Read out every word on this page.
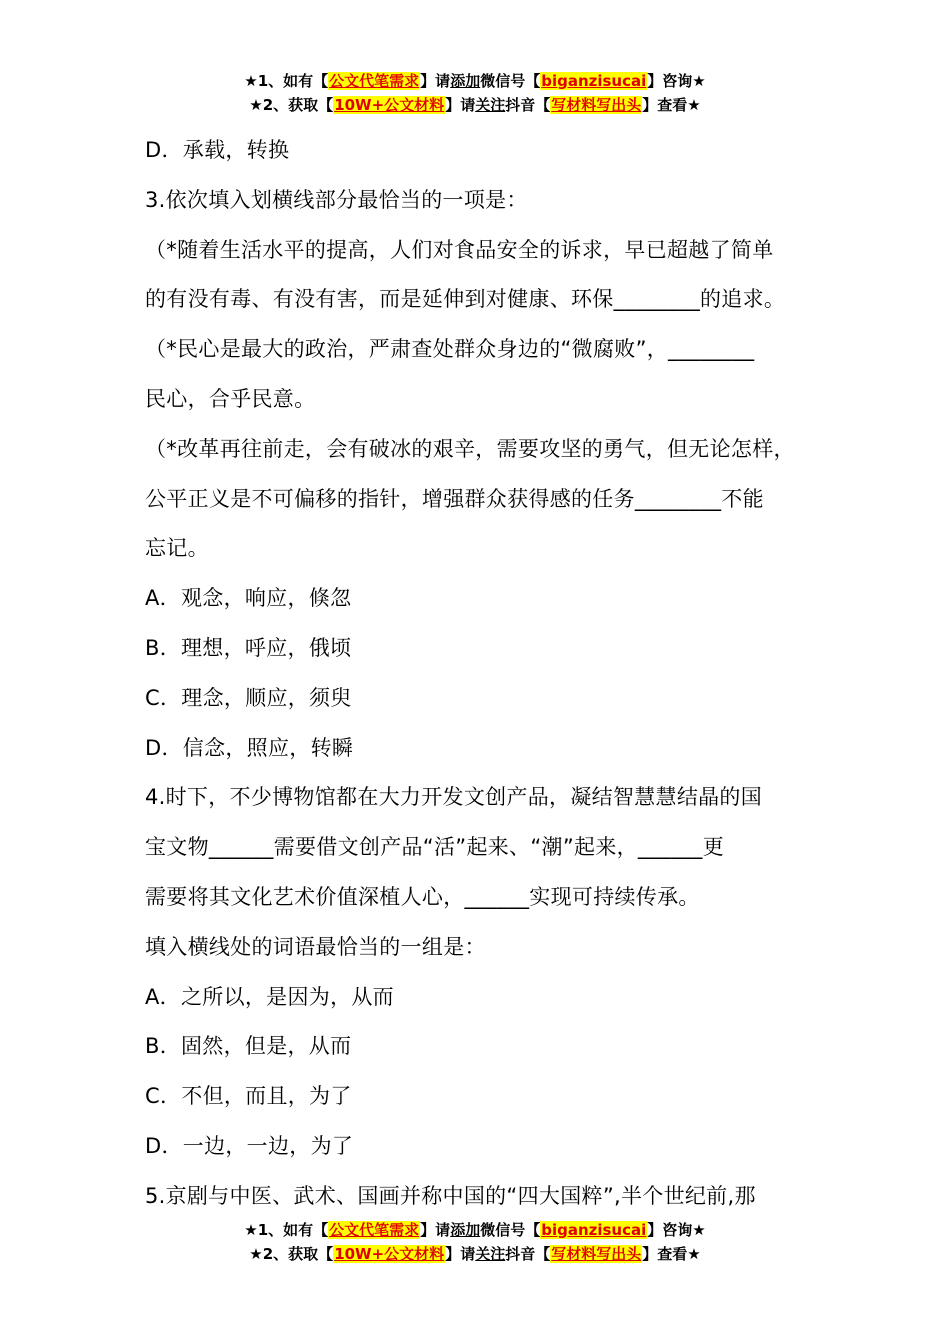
★1、如有【公文代笔需求】请添加微信号【biganzisucai】咨询★
★2、获取【10W+公文材料】请关注抖音【写材料写出头】查看★

D．承载，转换

3.依次填入划横线部分最恰当的一项是：

（*随着生活水平的提高，人们对食品安全的诉求，早已超越了简单

的有没有毒、有没有害，而是延伸到对健康、环保________的追求。

（*民心是最大的政治，严肃查处群众身边的“微腐败”，________

民心，合乎民意。

（*改革再往前走，会有破冰的艰辛，需要攻坚的勇气，但无论怎样，

公平正义是不可偏移的指针，增强群众获得感的任务________不能

忘记。

A．观念，响应，倏忽

B．理想，呼应，俄顷

C．理念，顺应，须臾

D．信念，照应，转瞬

4.时下，不少博物馆都在大力开发文创产品，凝结智慧慧结晶的国

宝文物______需要借文创产品“活”起来、“潮”起来，______更

需要将其文化艺术价值深植人心，______实现可持续传承。

填入横线处的词语最恰当的一组是：

A．之所以，是因为，从而

B．固然，但是，从而

C．不但，而且，为了

D．一边，一边，为了

5.京剧与中医、武术、国画并称中国的“四大国粹”,半个世纪前,那

★1、如有【公文代笔需求】请添加微信号【biganzisucai】咨询★
★2、获取【10W+公文材料】请关注抖音【写材料写出头】查看★
